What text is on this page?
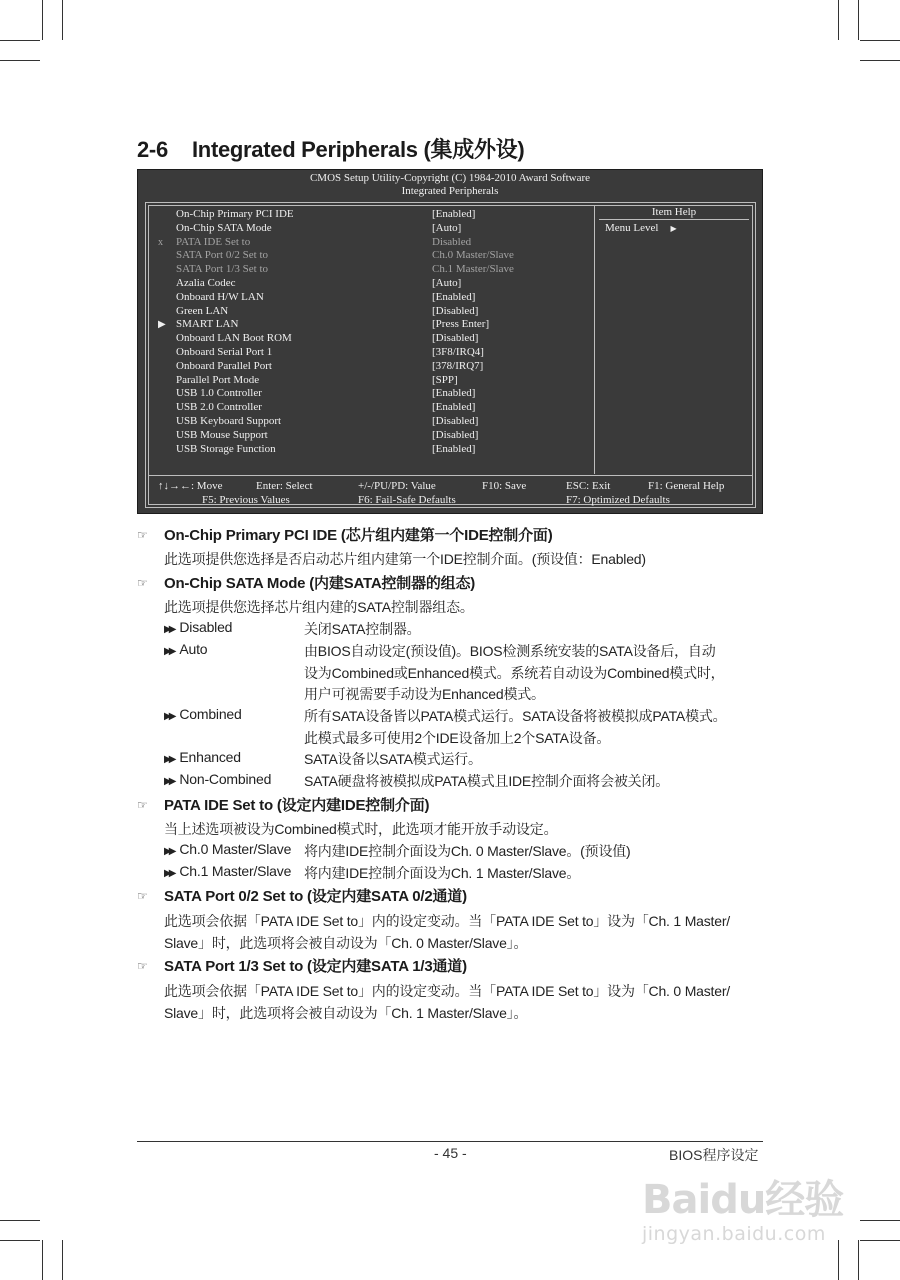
2-6 Integrated Peripherals (集成外设)
CMOS Setup Utility-Copyright (C) 1984-2010 Award Software
Integrated Peripherals
On-Chip Primary PCI IDE	[Enabled]
On-Chip SATA Mode	[Auto]
x	PATA IDE Set to	Disabled
SATA Port 0/2 Set to	Ch.0 Master/Slave
SATA Port 1/3 Set to	Ch.1 Master/Slave
Azalia Codec	[Auto]
Onboard H/W LAN	[Enabled]
Green LAN	[Disabled]
▶ SMART LAN	[Press Enter]
Onboard LAN Boot ROM	[Disabled]
Onboard Serial Port 1	[3F8/IRQ4]
Onboard Parallel Port	[378/IRQ7]
Parallel Port Mode	[SPP]
USB 1.0 Controller	[Enabled]
USB 2.0 Controller	[Enabled]
USB Keyboard Support	[Disabled]
USB Mouse Support	[Disabled]
USB Storage Function	[Enabled]
Item Help
Menu Level ▶
↑↓→←: Move	Enter: Select	+/-/PU/PD: Value	F10: Save	ESC: Exit	F1: General Help
F5: Previous Values	F6: Fail-Safe Defaults	F7: Optimized Defaults
☞ On-Chip Primary PCI IDE (芯片组内建第一个IDE控制介面)
此选项提供您选择是否启动芯片组内建第一个IDE控制介面。(预设值：Enabled)
☞ On-Chip SATA Mode (内建SATA控制器的组态)
此选项提供您选择芯片组内建的SATA控制器组态。
▶▶ Disabled	关闭SATA控制器。
▶▶ Auto	由BIOS自动设定(预设值)。BIOS检测系统安装的SATA设备后，自动
设为Combined或Enhanced模式。系统若自动设为Combined模式时，
用户可视需要手动设为Enhanced模式。
▶▶ Combined	所有SATA设备皆以PATA模式运行。SATA设备将被模拟成PATA模式。
此模式最多可使用2个IDE设备加上2个SATA设备。
▶▶ Enhanced	SATA设备以SATA模式运行。
▶▶ Non-Combined SATA硬盘将被模拟成PATA模式且IDE控制介面将会被关闭。
☞ PATA IDE Set to (设定内建IDE控制介面)
当上述选项被设为Combined模式时，此选项才能开放手动设定。
▶▶ Ch.0 Master/Slave 将内建IDE控制介面设为Ch. 0 Master/Slave。(预设值)
▶▶ Ch.1 Master/Slave 将内建IDE控制介面设为Ch. 1 Master/Slave。
☞ SATA Port 0/2 Set to (设定内建SATA 0/2通道)
此选项会依据「PATA IDE Set to」内的设定变动。当「PATA IDE Set to」设为「Ch. 1 Master/
Slave」时，此选项将会被自动设为「Ch. 0 Master/Slave」。
☞ SATA Port 1/3 Set to (设定内建SATA 1/3通道)
此选项会依据「PATA IDE Set to」内的设定变动。当「PATA IDE Set to」设为「Ch. 0 Master/
Slave」时，此选项将会被自动设为「Ch. 1 Master/Slave」。
- 45 -	BIOS程序设定
Baidu经验
jingyan.baidu.com
